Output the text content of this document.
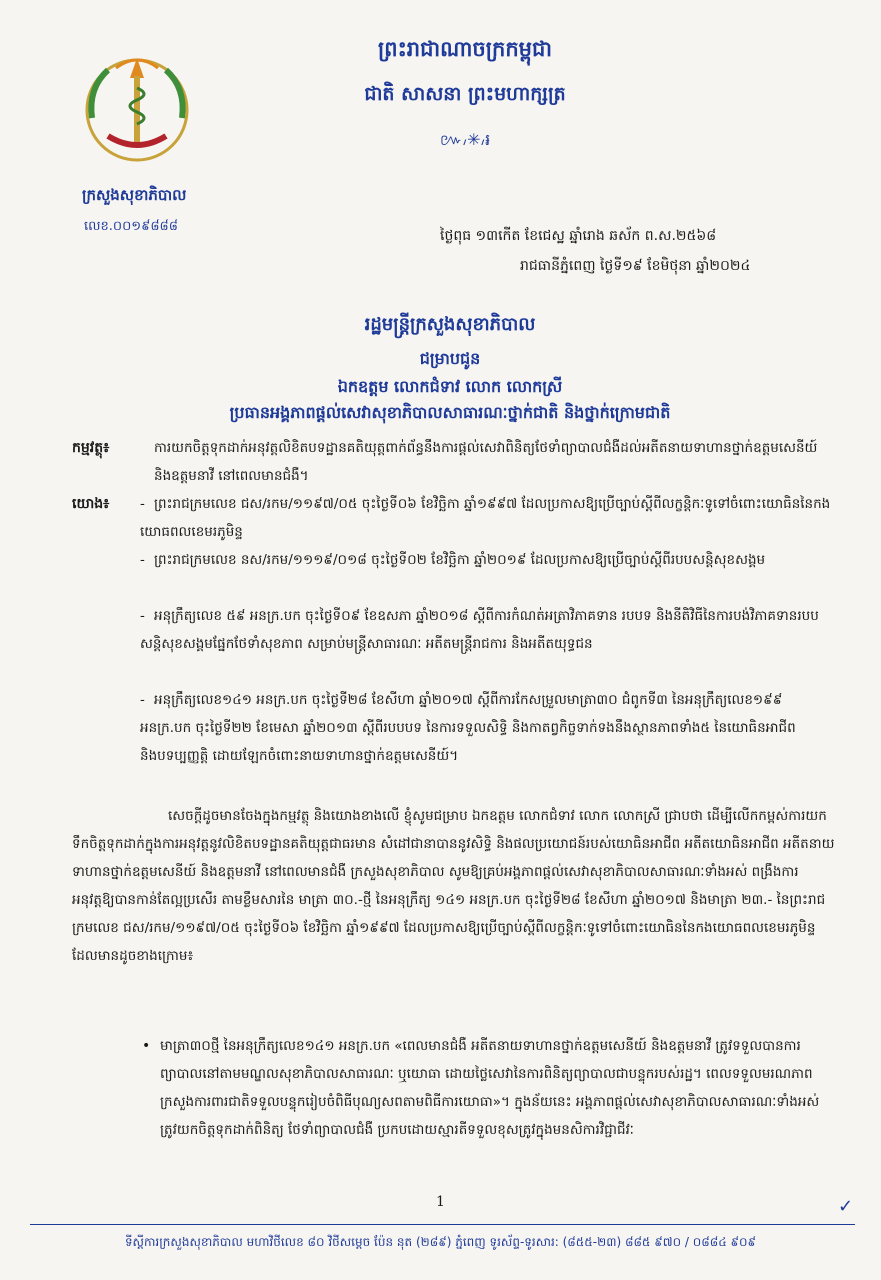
ក្រសួងសុខាភិបាល
លេខ.០០១៩៨៨៨
ព្រះរាជាណាចក្រកម្ពុជា
ជាតិ សាសនា ព្រះមហាក្សត្រ
៚៸✳៸៛
ថ្ងៃពុធ ១៣កើត ខែជេស្ឋ ឆ្នាំរោង ឆស័ក ព.ស.២៥៦៨
រាជធានីភ្នំពេញ ថ្ងៃទី១៩ ខែមិថុនា ឆ្នាំ២០២៤
រដ្ឋមន្ត្រីក្រសួងសុខាភិបាល
ជម្រាបជូន
ឯកឧត្តម លោកជំទាវ លោក លោកស្រី
ប្រធានអង្គភាពផ្ដល់សេវាសុខាភិបាលសាធារណៈថ្នាក់ជាតិ និងថ្នាក់ក្រោមជាតិ
កម្មវត្ថុ៖	ការយកចិត្តទុកដាក់អនុវត្តលិខិតបទដ្ឋានគតិយុត្តពាក់ព័ន្ធនឹងការផ្ដល់សេវាពិនិត្យថែទាំព្យាបាលជំងឺដល់អតីតនាយទាហានថ្នាក់ឧត្តមសេនីយ៍ និងឧត្តមនាវី នៅពេលមានជំងឺ។
យោង៖ - ព្រះរាជក្រមលេខ ជស/រកម/១១៩៧/០៥ ចុះថ្ងៃទី០៦ ខែវិច្ឆិកា ឆ្នាំ១៩៩៧ ដែលប្រកាសឱ្យប្រើច្បាប់ស្ដីពីលក្ខន្តិកៈទូទៅចំពោះយោធិននៃកងយោធពលខេមរភូមិន្ទ
- ព្រះរាជក្រមលេខ នស/រកម/១១១៩/០១៨ ចុះថ្ងៃទី០២ ខែវិច្ឆិកា ឆ្នាំ២០១៩ ដែលប្រកាសឱ្យប្រើច្បាប់ស្ដីពីរបបសន្តិសុខសង្គម
- អនុក្រឹត្យលេខ ៥៩ អនក្រ.បក ចុះថ្ងៃទី០៩ ខែឧសភា ឆ្នាំ២០១៨ ស្ដីពីការកំណត់អត្រាវិភាគទាន របបទ និងនីតិវិធីនៃការបង់វិភាគទានរបបសន្តិសុខសង្គមផ្នែកថែទាំសុខភាព សម្រាប់មន្ត្រីសាធារណៈ អតីតមន្ត្រីរាជការ និងអតីតយុទ្ធជន
- អនុក្រឹត្យលេខ១៤១ អនក្រ.បក ចុះថ្ងៃទី២៨ ខែសីហា ឆ្នាំ២០១៧ ស្ដីពីការកែសម្រួលមាត្រា៣០ ជំពូកទី៣ នៃអនុក្រឹត្យលេខ១៩៩ អនក្រ.បក ចុះថ្ងៃទី២២ ខែមេសា ឆ្នាំ២០១៣ ស្ដីពីរបបបទ នៃការទទួលសិទ្ធិ និងកាតព្វកិច្ចទាក់ទងនឹងស្ថានភាពទាំង៥ នៃយោធិនអាជីព និងបទប្បញ្ញត្តិ ដោយឡែកចំពោះនាយទាហានថ្នាក់ឧត្តមសេនីយ៍។
សេចក្ដីដូចមានចែងក្នុងកម្មវត្ថុ និងយោងខាងលើ ខ្ញុំសូមជម្រាប ឯកឧត្តម លោកជំទាវ លោក លោកស្រី ជ្រាបថា ដើម្បីលើកកម្ពស់ការយកទឹកចិត្តទុកដាក់ក្នុងការអនុវត្តនូវលិខិតបទដ្ឋានគតិយុត្តជាធរមាន សំដៅជានាបាននូវសិទ្ធិ និងផលប្រយោជន៍របស់យោធិនអាជីព អតីតយោធិនអាជីព អតីតនាយទាហានថ្នាក់ឧត្តមសេនីយ៍ និងឧត្តមនាវី នៅពេលមានជំងឺ ក្រសួងសុខាភិបាល សូមឱ្យគ្រប់អង្គភាពផ្ដល់សេវាសុខាភិបាលសាធារណៈទាំងអស់ ពង្រឹងការអនុវត្តឱ្យបានកាន់តែល្អប្រសើរ តាមខ្លឹមសារនៃ មាត្រា ៣០.-ថ្មី នៃអនុក្រឹត្យ ១៤១ អនក្រ.បក ចុះថ្ងៃទី២៨ ខែសីហា ឆ្នាំ២០១៧ និងមាត្រា ២៣.- នៃព្រះរាជក្រមលេខ ជស/រកម/១១៩៧/០៥ ចុះថ្ងៃទី០៦ ខែវិច្ឆិកា ឆ្នាំ១៩៩៧ ដែលប្រកាសឱ្យប្រើច្បាប់ស្ដីពីលក្ខន្តិកៈទូទៅចំពោះយោធិននៃកងយោធពលខេមរភូមិន្ទ ដែលមានដូចខាងក្រោម៖
• មាត្រា៣០ថ្មី នៃអនុក្រឹត្យលេខ១៤១ អនក្រ.បក «ពេលមានជំងឺ អតីតនាយទាហានថ្នាក់ឧត្តមសេនីយ៍ និងឧត្តមនាវី ត្រូវទទួលបានការព្យាបាលនៅតាមមណ្ឌលសុខាភិបាលសាធារណៈ ឬយោធា ដោយថ្លៃសេវានៃការពិនិត្យព្យាបាលជាបន្ទុករបស់រដ្ឋ។ ពេលទទួលមរណភាព ក្រសួងការពារជាតិទទួលបន្ទុករៀបចំពិធីបុណ្យសពតាមពិធីការយោធា»។ ក្នុងន័យនេះ អង្គភាពផ្ដល់សេវាសុខាភិបាលសាធារណៈទាំងអស់ត្រូវយកចិត្តទុកដាក់ពិនិត្យ ថែទាំព្យាបាលជំងឺ ប្រកបដោយស្មារតីទទួលខុសត្រូវក្នុងមនសិការវិជ្ជាជីវៈ
1	✓
ទីស្តីការក្រសួងសុខាភិបាល មហាវិថីលេខ ៨០ វិថីសម្ដេច ប៉ែន នុត (២៨៩) ភ្នំពេញ ទូរស័ព្ទ-ទូរសារ: (៨៥៥-២៣) ៨៨៥ ៩៧០ / ០៨៨៤ ៩០៩
